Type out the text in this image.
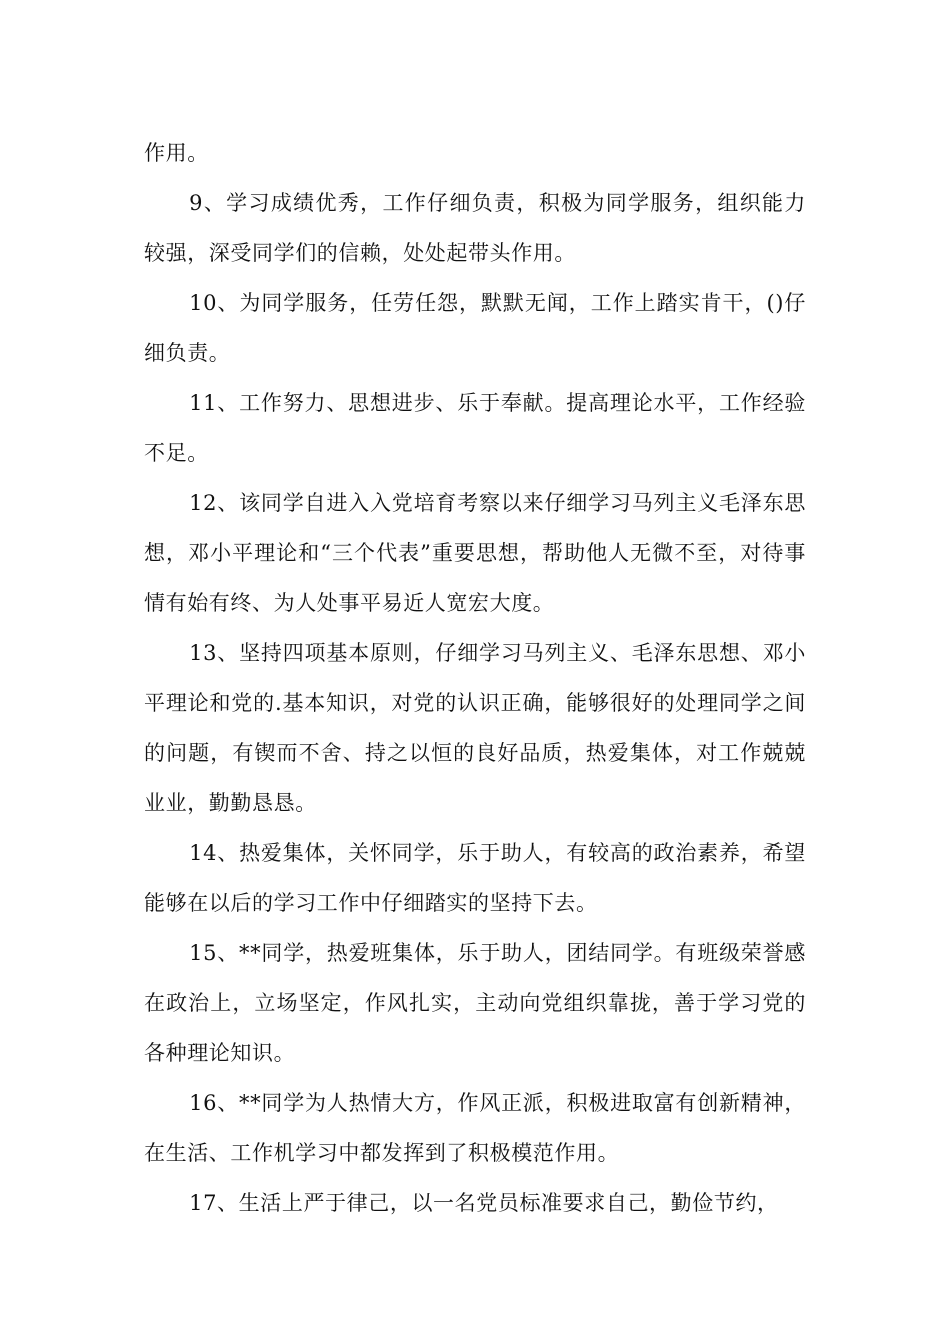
作用。

9、学习成绩优秀，工作仔细负责，积极为同学服务，组织能力较强，深受同学们的信赖，处处起带头作用。

10、为同学服务，任劳任怨，默默无闻，工作上踏实肯干，()仔细负责。

11、工作努力、思想进步、乐于奉献。提高理论水平，工作经验不足。

12、该同学自进入入党培育考察以来仔细学习马列主义毛泽东思想，邓小平理论和“三个代表”重要思想，帮助他人无微不至，对待事情有始有终、为人处事平易近人宽宏大度。

13、坚持四项基本原则，仔细学习马列主义、毛泽东思想、邓小平理论和党的.基本知识，对党的认识正确，能够很好的处理同学之间的问题，有锲而不舍、持之以恒的良好品质，热爱集体，对工作兢兢业业，勤勤恳恳。

14、热爱集体，关怀同学，乐于助人，有较高的政治素养，希望能够在以后的学习工作中仔细踏实的坚持下去。

15、**同学，热爱班集体，乐于助人，团结同学。有班级荣誉感在政治上，立场坚定，作风扎实，主动向党组织靠拢，善于学习党的各种理论知识。

16、**同学为人热情大方，作风正派，积极进取富有创新精神，在生活、工作机学习中都发挥到了积极模范作用。

17、生活上严于律己，以一名党员标准要求自己，勤俭节约，
